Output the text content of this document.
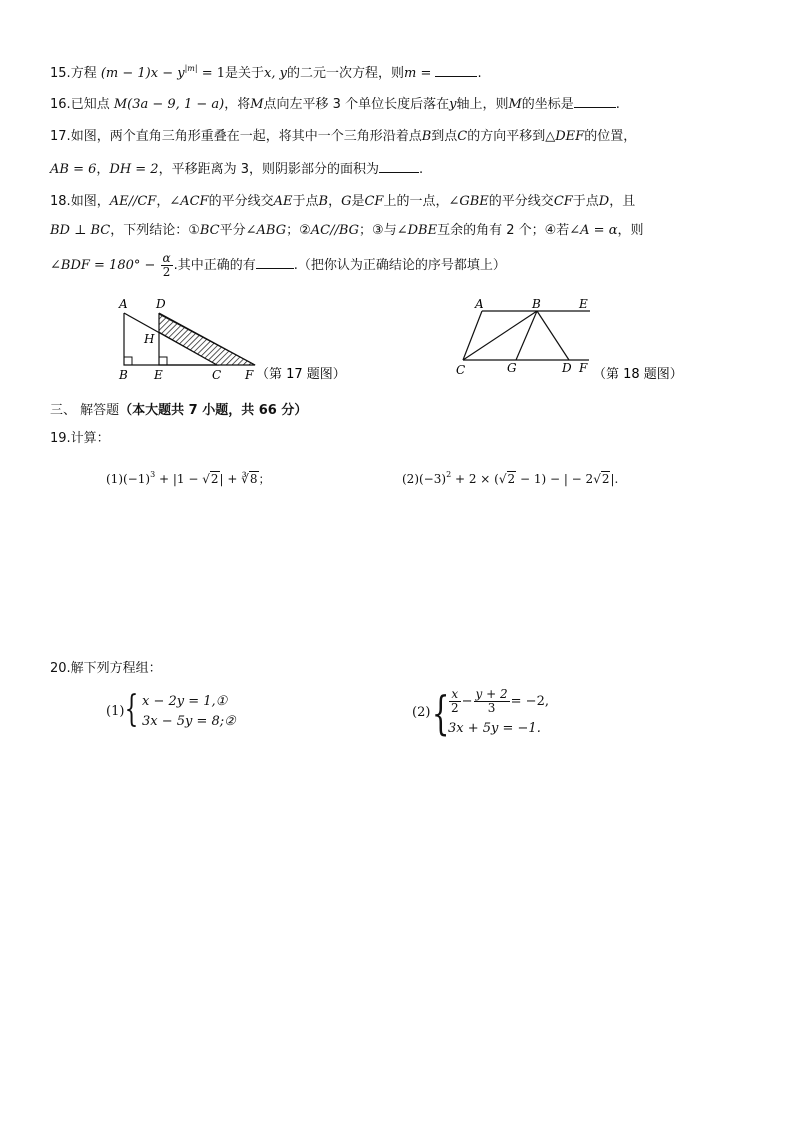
15.方程 $(m - 1)x - y^{|m|} = 1$是关于x, y的二元一次方程，则m =	.
16.已知点 M(3a − 9, 1 − a)，将M点向左平移 3 个单位长度后落在y轴上，则M的坐标是	.
17.如图，两个直角三角形重叠在一起，将其中一个三角形沿着点B到点C的方向平移到△DEF的位置，
AB = 6，DH = 2，平移距离为 3，则阴影部分的面积为	.
18.如图，AE//CF，∠ACF的平分线交AE于点B，G是CF上的一点，∠GBE的平分线交CF于点D，且
BD ⊥ BC，下列结论：①BC平分∠ABG；②AC//BG；③与∠DBE互余的角有 2 个；④若∠A = α，则
∠BDF = $180^\circ - \frac{\alpha}{2}$ .其中正确的有	.（把你认为正确结论的序号都填上）
A D
H
B E	C F （第 17 题图）
A	B	E
C	G	D F （第 18 题图）
三、 解答题（本大题共 7 小题，共 66 分）
19.计算：
$(1)(-1)^3 + |1 - √2|$ + ∛8；	$(2)(-3)^2 + 2 \times (√2 - 1)$ − | − 2√2|.
20.解下列方程组：
(1) { x − 2y = 1,①
3x − 5y = 8;②
(2) { $\frac{x}{2} - \frac{y + 2}{3} = -2$,
3x + 5y = −1.
